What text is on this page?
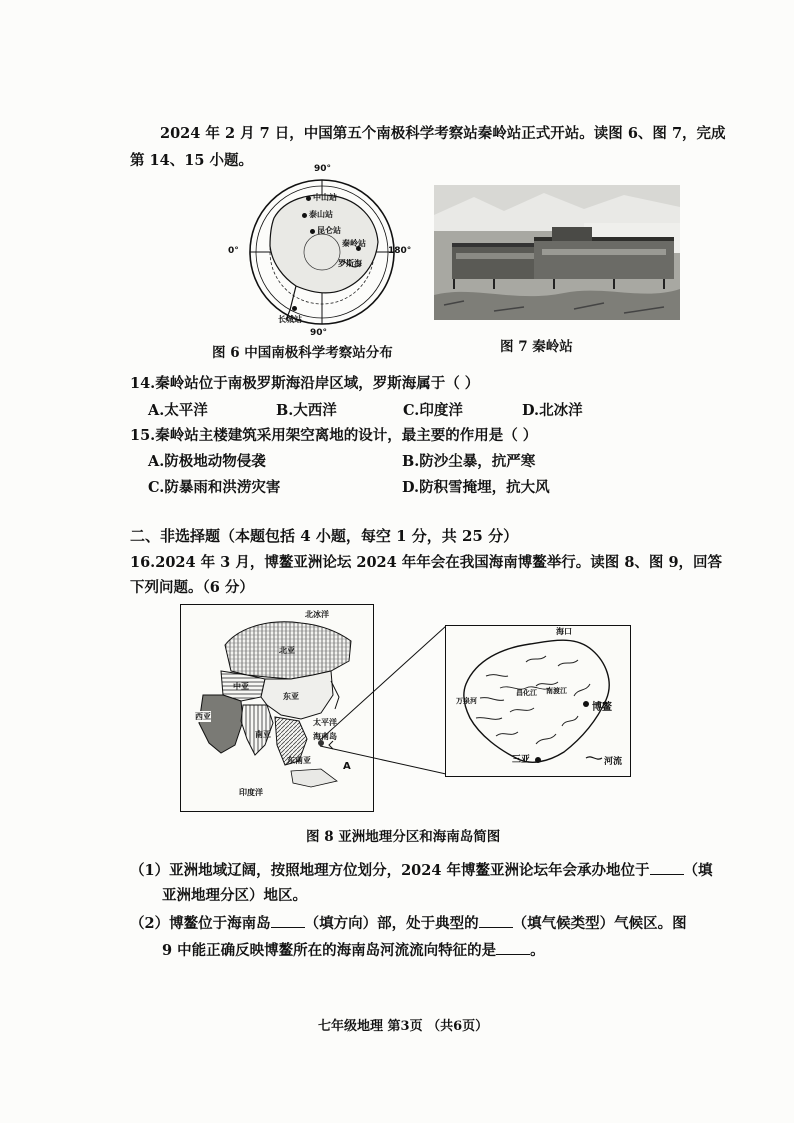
2024 年 2 月 7 日，中国第五个南极科学考察站秦岭站正式开站。读图 6、图 7，完成
第 14、15 小题。	90°
0°	180°
90°
中山站
泰山站
昆仑站
秦岭站
罗斯海
长城站
图 6 中国南极科学考察站分布	图 7 秦岭站
14.秦岭站位于南极罗斯海沿岸区域，罗斯海属于（ ）
A.太平洋	B.大西洋	C.印度洋	D.北冰洋
15.秦岭站主楼建筑采用架空离地的设计，最主要的作用是（ ）
A.防极地动物侵袭	B.防沙尘暴，抗严寒
C.防暴雨和洪涝灾害	D.防积雪掩埋，抗大风
二、非选择题（本题包括 4 小题，每空 1 分，共 25 分）
16.2024 年 3 月，博鳌亚洲论坛 2024 年年会在我国海南博鳌举行。读图 8、图 9，回答
下列问题。（6 分）
北冰洋
北亚
中亚
东亚
西亚
南亚
太平洋
海南岛
东南亚
A
印度洋
海口
昌化江 南渡江
万泉河
博鳌
三亚	河流
图 8 亚洲地理分区和海南岛简图
（1）亚洲地域辽阔，按照地理方位划分，2024 年博鳌亚洲论坛年会承办地位于 （填
亚洲地理分区）地区。
（2）博鳌位于海南岛 （填方向）部，处于典型的 （填气候类型）气候区。图
9 中能正确反映博鳌所在的海南岛河流流向特征的是 。
七年级地理 第3页 （共6页）
